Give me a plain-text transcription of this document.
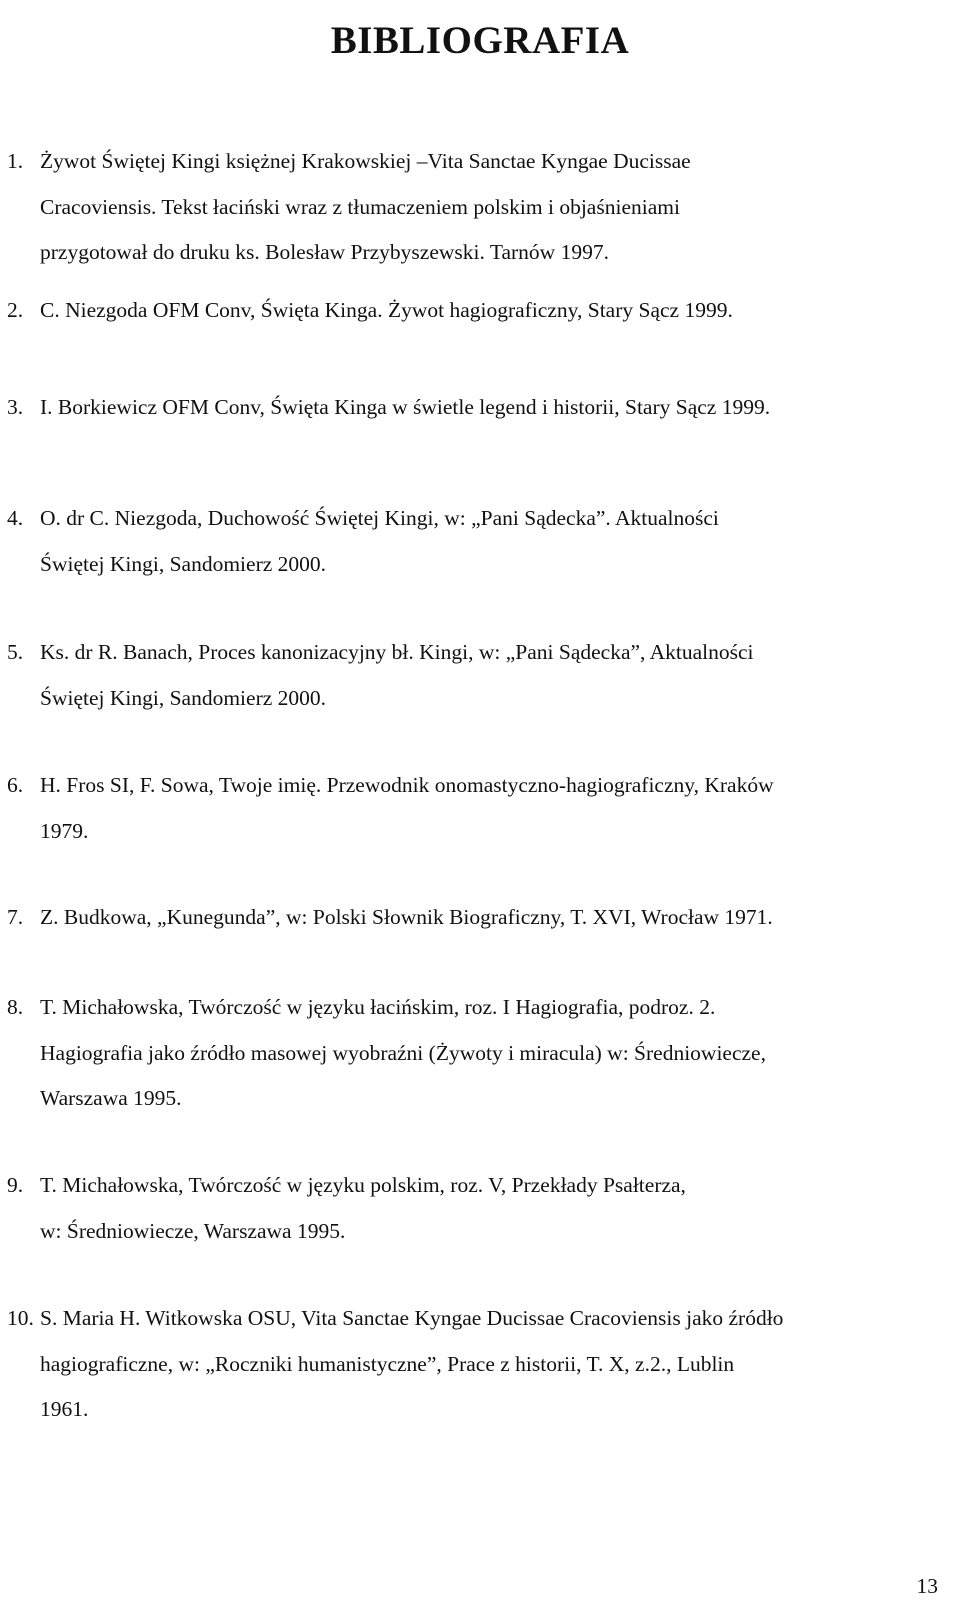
BIBLIOGRAFIA
1. Żywot Świętej Kingi księżnej Krakowskiej –Vita Sanctae Kyngae Ducissae
Cracoviensis. Tekst łaciński wraz z tłumaczeniem polskim i objaśnieniami
przygotował do druku ks. Bolesław Przybyszewski. Tarnów 1997.
2. C. Niezgoda OFM Conv, Święta Kinga. Żywot hagiograficzny, Stary Sącz 1999.
3. I. Borkiewicz OFM Conv, Święta Kinga w świetle legend i historii, Stary Sącz 1999.
4. O. dr C. Niezgoda, Duchowość Świętej Kingi, w: „Pani Sądecka”. Aktualności
Świętej Kingi, Sandomierz 2000.
5. Ks. dr R. Banach, Proces kanonizacyjny bł. Kingi, w: „Pani Sądecka”, Aktualności
Świętej Kingi, Sandomierz 2000.
6. H. Fros SI, F. Sowa, Twoje imię. Przewodnik onomastyczno-hagiograficzny, Kraków
1979.
7. Z. Budkowa, „Kunegunda”, w: Polski Słownik Biograficzny, T. XVI, Wrocław 1971.
8. T. Michałowska, Twórczość w języku łacińskim, roz. I Hagiografia, podroz. 2.
Hagiografia jako źródło masowej wyobraźni (Żywoty i miracula) w: Średniowiecze,
Warszawa 1995.
9. T. Michałowska, Twórczość w języku polskim, roz. V, Przekłady Psałterza,
w: Średniowiecze, Warszawa 1995.
10. S. Maria H. Witkowska OSU, Vita Sanctae Kyngae Ducissae Cracoviensis jako źródło
hagiograficzne, w: „Roczniki humanistyczne”, Prace z historii, T. X, z.2., Lublin
1961.
13
